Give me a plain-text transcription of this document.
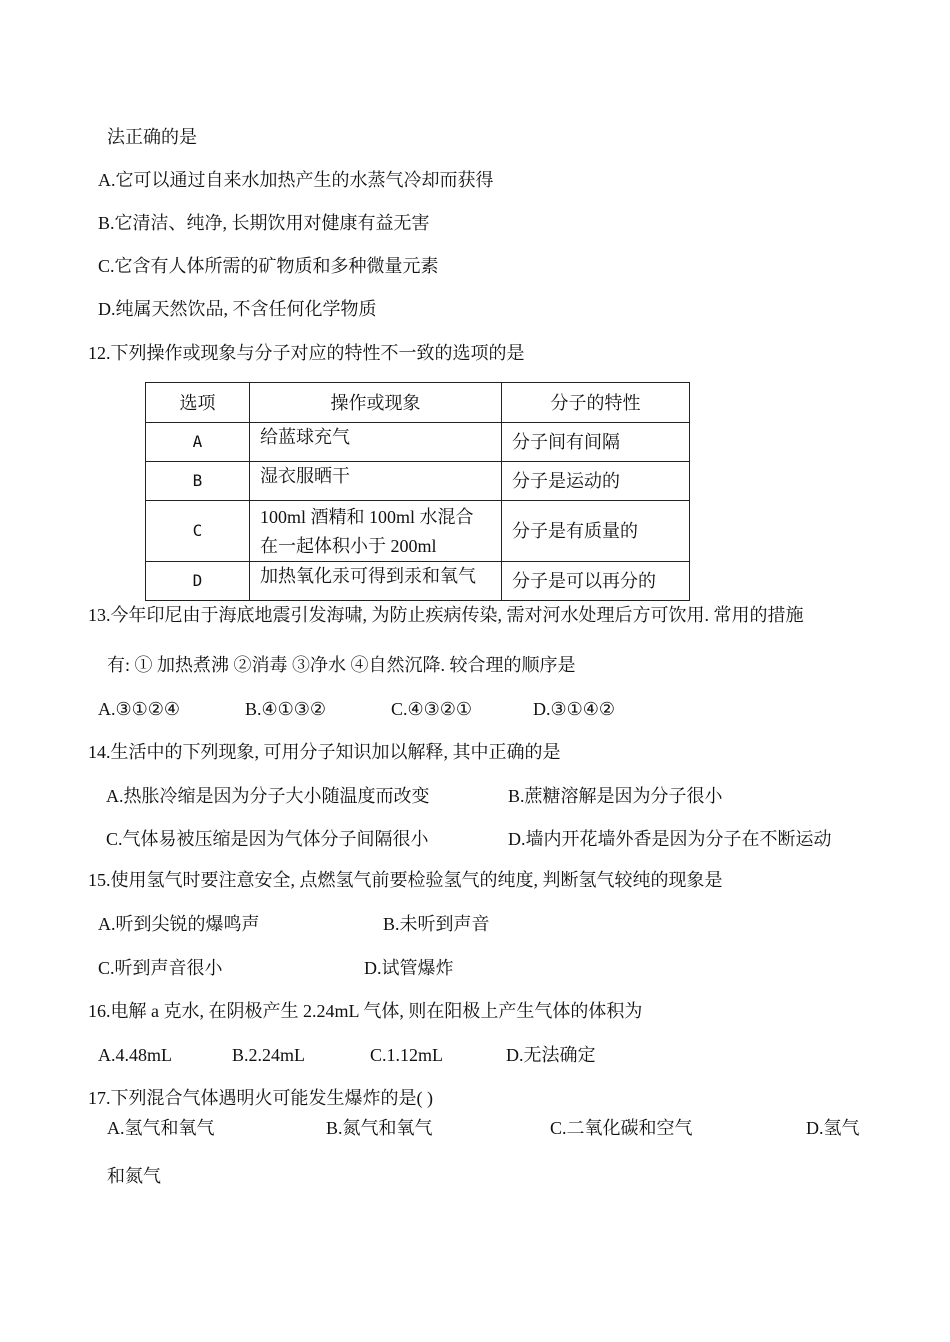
法正确的是
A.它可以通过自来水加热产生的水蒸气冷却而获得
B.它清洁、纯净, 长期饮用对健康有益无害
C.它含有人体所需的矿物质和多种微量元素
D.纯属天然饮品, 不含任何化学物质
12.下列操作或现象与分子对应的特性不一致的选项的是
选项	操作或现象	分子的特性
A	给蓝球充气	分子间有间隔
B	湿衣服晒干	分子是运动的
C	100ml 酒精和 100ml 水混合
在一起体积小于 200ml	分子是有质量的
D	加热氧化汞可得到汞和氧气	分子是可以再分的
13.今年印尼由于海底地震引发海啸, 为防止疾病传染, 需对河水处理后方可饮用. 常用的措施
有: ① 加热煮沸 ②消毒 ③净水 ④自然沉降. 较合理的顺序是
A.③①②④	B.④①③②	C.④③②①	D.③①④②
14.生活中的下列现象, 可用分子知识加以解释, 其中正确的是
A.热胀冷缩是因为分子大小随温度而改变	B.蔗糖溶解是因为分子很小
C.气体易被压缩是因为气体分子间隔很小	D.墙内开花墙外香是因为分子在不断运动
15.使用氢气时要注意安全, 点燃氢气前要检验氢气的纯度, 判断氢气较纯的现象是
A.听到尖锐的爆鸣声	B.未听到声音
C.听到声音很小	D.试管爆炸
16.电解 a 克水, 在阴极产生 2.24mL 气体, 则在阳极上产生气体的体积为
A.4.48mL	B.2.24mL	C.1.12mL	D.无法确定
17.下列混合气体遇明火可能发生爆炸的是( )
A.氢气和氧气	B.氮气和氧气	C.二氧化碳和空气	D.氢气
和氮气
